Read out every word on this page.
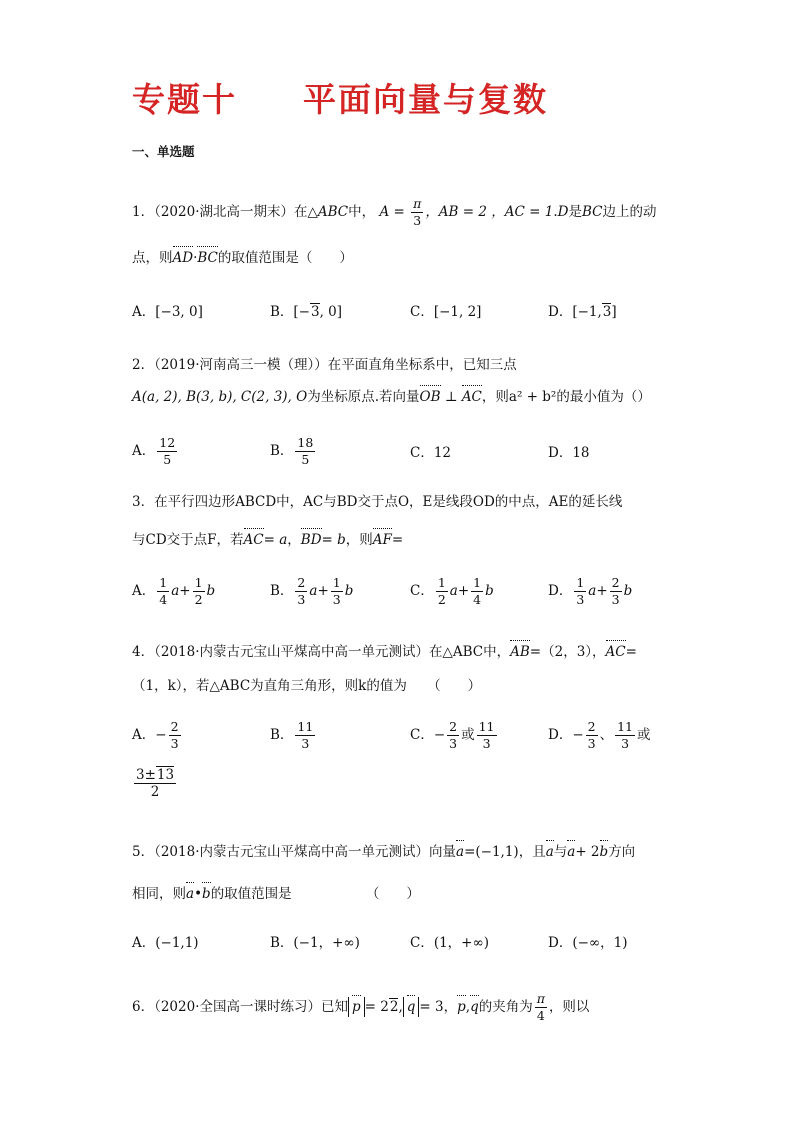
专题十 平面向量与复数
一、单选题
1．（2020·湖北高一期末）在△ABC中， $A = \frac{\pi}{3}$ ，AB = 2 ，AC = 1.D是BC边上的动
点，则AD·BC的取值范围是（　　）
A．[−3, 0]	B．[−3, 0]	C．[−1, 2]	D．[−1,3]
2．（2019·河南高三一模（理））在平面直角坐标系中，已知三点
A(a, 2), B(3, b), C(2, 3), O为坐标原点.若向量OB ⊥ AC，则a² + b²的最小值为（）
A． $\frac{12}{5}$	B． $\frac{18}{5}$	C．12	D．18
3．在平行四边形ABCD中，AC与BD交于点O，E是线段OD的中点，AE的延长线
与CD交于点F，若AC= a，BD= b，则AF=
A． $\frac{1}{4} a+ \frac{1}{2}$ b	B． $\frac{2}{3} a+ \frac{1}{3}$ b	C． $\frac{1}{2} a+ \frac{1}{4}$ b	D． $\frac{1}{3} a+ \frac{2}{3}$ b
4．（2018·内蒙古元宝山平煤高中高一单元测试）在△ABC中，AB=（2，3），AC=
（1，k），若△ABC为直角三角形，则k的值为　　（　　）
A．− $\frac{2}{3}$	B． $\frac{11}{3}$	C．− $\frac{2}{3}$ 或 $\frac{11}{3}$	D．− $\frac{2}{3}$ 、 $\frac{11}{3}$ 或
$\frac{3\pm 13}{2}$
5．（2018·内蒙古元宝山平煤高中高一单元测试）向量a=(−1,1)，且a与a+ 2b方向
相同，则a•b的取值范围是　　　　　　（　　）
A．(−1,1)	B．(−1，+∞)	C．(1，+∞)	D．(−∞，1)
6．（2020·全国高一课时练习）已知 p = 22, q = 3，p,q的夹角为 $\frac{\pi}{4}$ ，则以
